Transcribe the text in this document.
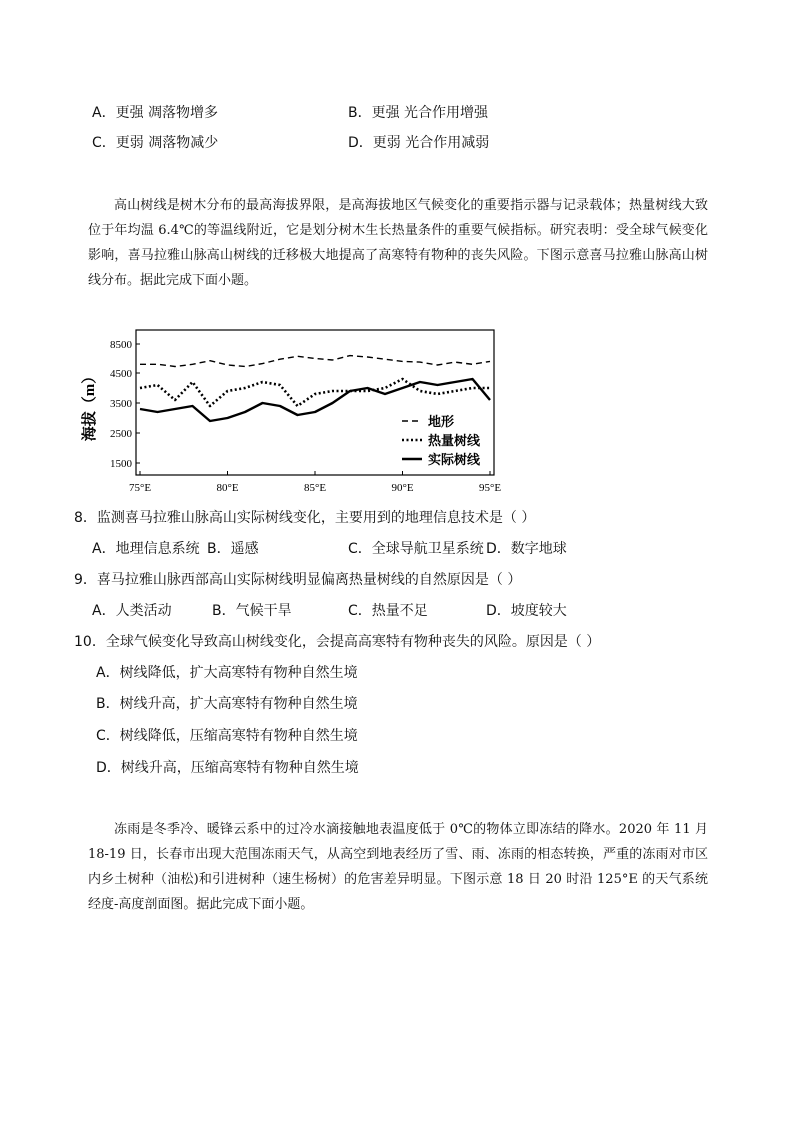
A．更强 凋落物增多	B．更强 光合作用增强
C．更弱 凋落物减少	D．更弱 光合作用减弱

高山树线是树木分布的最高海拔界限，是高海拔地区气候变化的重要指示器与记录载体；热量树线大致位于年均温 6.4℃的等温线附近，它是划分树木生长热量条件的重要气候指标。研究表明：受全球气候变化影响，喜马拉雅山脉高山树线的迁移极大地提高了高寒特有物种的丧失风险。下图示意喜马拉雅山脉高山树线分布。据此完成下面小题。

8500
4500
3500
2500
1500
海拔（m）
75°E	80°E	85°E	90°E	95°E
地形
热量树线
实际树线
8．监测喜马拉雅山脉高山实际树线变化，主要用到的地理信息技术是（ ）
A．地理信息系统 B．遥感	C．全球导航卫星系统 D．数字地球
9．喜马拉雅山脉西部高山实际树线明显偏离热量树线的自然原因是（ ）
A．人类活动	B．气候干旱	C．热量不足	D．坡度较大
10．全球气候变化导致高山树线变化，会提高高寒特有物种丧失的风险。原因是（ ）
A．树线降低，扩大高寒特有物种自然生境
B．树线升高，扩大高寒特有物种自然生境
C．树线降低，压缩高寒特有物种自然生境
D．树线升高，压缩高寒特有物种自然生境

冻雨是冬季冷、暖锋云系中的过冷水滴接触地表温度低于 0℃的物体立即冻结的降水。2020 年 11 月18-19 日，长春市出现大范围冻雨天气，从高空到地表经历了雪、雨、冻雨的相态转换，严重的冻雨对市区内乡土树种（油松)和引进树种（速生杨树）的危害差异明显。下图示意 18 日 20 时沿 125°E 的天气系统经度-高度剖面图。据此完成下面小题。
